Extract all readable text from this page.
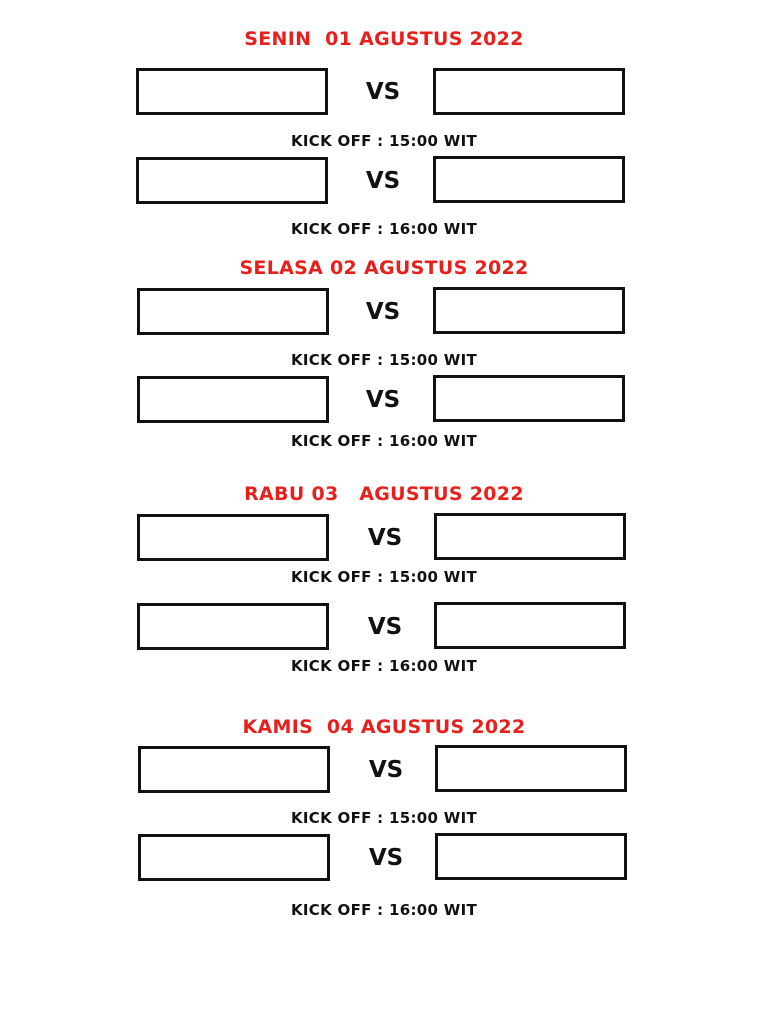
SENIN  01 AGUSTUS 2022
VS
KICK OFF : 15:00 WIT
VS
KICK OFF : 16:00 WIT
SELASA 02 AGUSTUS 2022
VS
KICK OFF : 15:00 WIT
VS
KICK OFF : 16:00 WIT
RABU 03   AGUSTUS 2022
VS
KICK OFF : 15:00 WIT
VS
KICK OFF : 16:00 WIT
KAMIS  04 AGUSTUS 2022
VS
KICK OFF : 15:00 WIT
VS
KICK OFF : 16:00 WIT
